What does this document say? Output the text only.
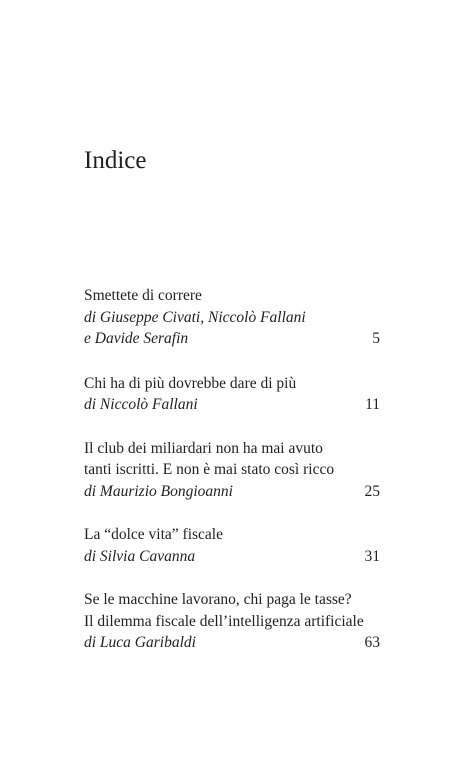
Indice
Smettete di correre
di Giuseppe Civati, Niccolò Fallani
e Davide Serafin	5
Chi ha di più dovrebbe dare di più
di Niccolò Fallani	11
Il club dei miliardari non ha mai avuto
tanti iscritti. E non è mai stato così ricco
di Maurizio Bongioanni	25
La “dolce vita” fiscale
di Silvia Cavanna	31
Se le macchine lavorano, chi paga le tasse?
Il dilemma fiscale dell’intelligenza artificiale
di Luca Garibaldi	63
